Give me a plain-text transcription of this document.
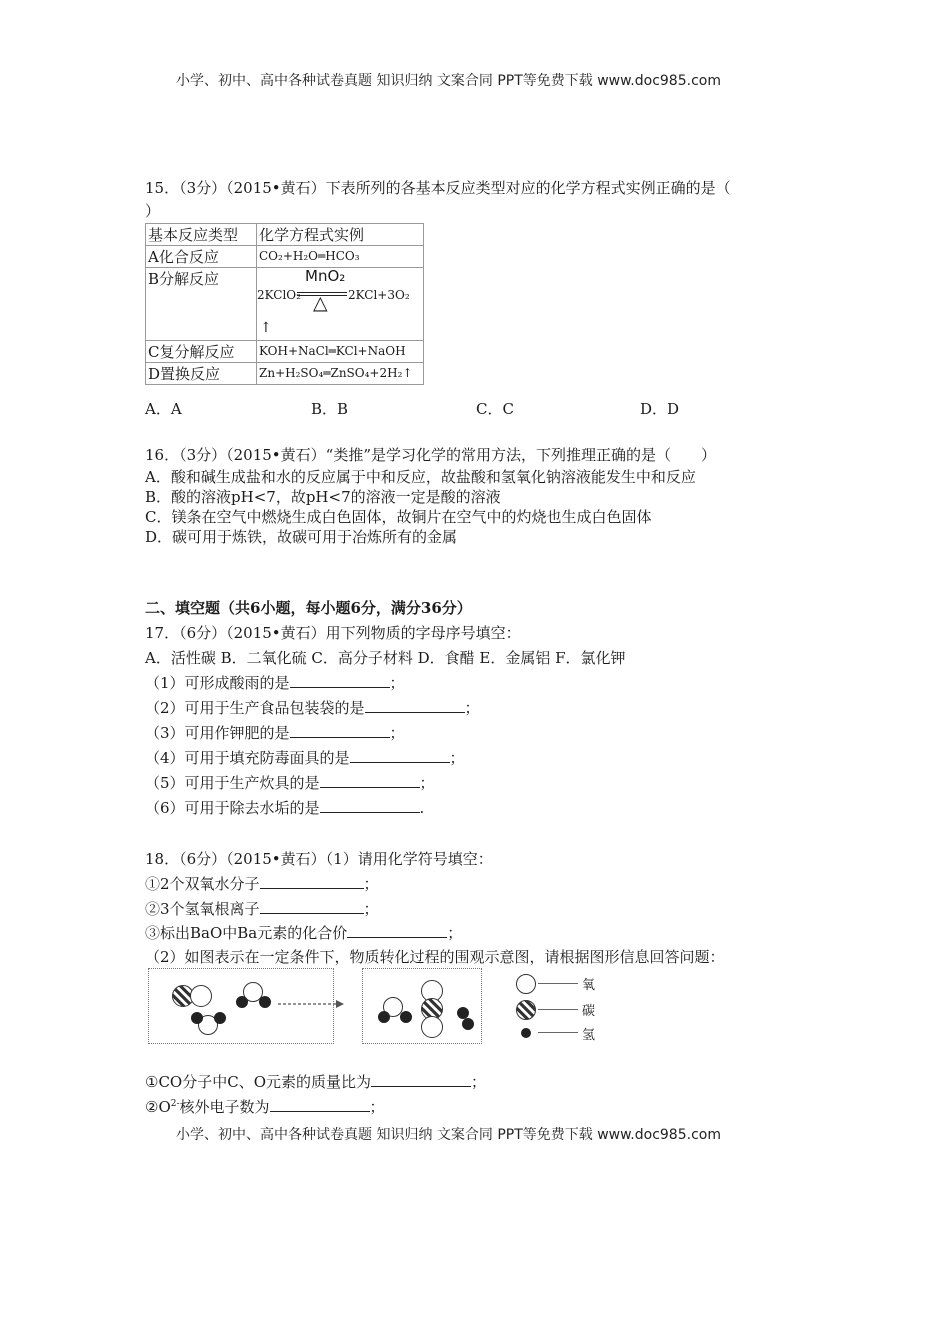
小学、初中、高中各种试卷真题 知识归纳 文案合同 PPT等免费下载 www.doc985.com
15．（3分）（2015•黄石）下表所列的各基本反应类型对应的化学方程式实例正确的是（
）
基本反应类型	化学方程式实例
A化合反应	CO₂+H₂O═HCO₃
B分解反应	MnO₂
2KClO₂ △ 2KCl+3O₂
↑

C复分解反应	KOH+NaCl═KCl+NaOH
D置换反应	Zn+H₂SO₄═ZnSO₄+2H₂↑
A．A	B．B	C．C	D．D
16．（3分）（2015•黄石）“类推”是学习化学的常用方法，下列推理正确的是（　　）
A．酸和碱生成盐和水的反应属于中和反应，故盐酸和氢氧化钠溶液能发生中和反应
B．酸的溶液pH<7，故pH<7的溶液一定是酸的溶液
C．镁条在空气中燃烧生成白色固体，故铜片在空气中的灼烧也生成白色固体
D．碳可用于炼铁，故碳可用于冶炼所有的金属
二、填空题（共6小题，每小题6分，满分36分）
17．（6分）（2015•黄石）用下列物质的字母序号填空：
A．活性碳 B．二氧化硫 C．高分子材料 D．食醋 E．金属铝 F．氯化钾
（1）可形成酸雨的是	；
（2）可用于生产食品包装袋的是	；
（3）可用作钾肥的是	；
（4）可用于填充防毒面具的是	；
（5）可用于生产炊具的是	；
（6）可用于除去水垢的是	.
18．（6分）（2015•黄石）（1）请用化学符号填空：
①2个双氧水分子	；
②3个氢氧根离子	；
③标出BaO中Ba元素的化合价	；
（2）如图表示在一定条件下，物质转化过程的围观示意图，请根据图形信息回答问题：
氧
碳
氢
①CO分子中C、O元素的质量比为	；
$②O^{2-}$核外电子数为	；
小学、初中、高中各种试卷真题 知识归纳 文案合同 PPT等免费下载 www.doc985.com
